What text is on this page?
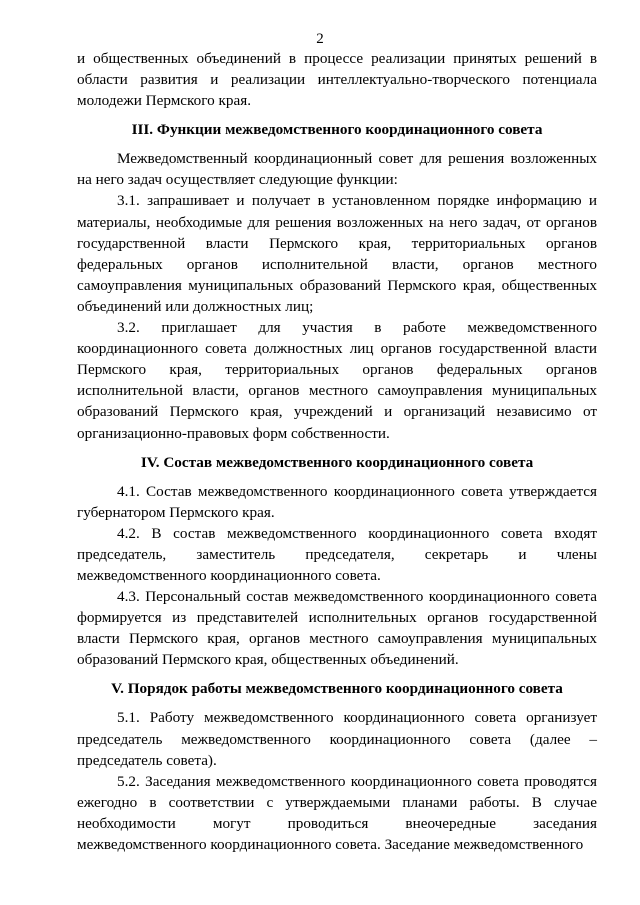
2

и общественных объединений в процессе реализации принятых решений в области развития и реализации интеллектуально-творческого потенциала молодежи Пермского края.

III. Функции межведомственного координационного совета

Межведомственный координационный совет для решения возложенных на него задач осуществляет следующие функции:

3.1. запрашивает и получает в установленном порядке информацию и материалы, необходимые для решения возложенных на него задач, от органов государственной власти Пермского края, территориальных органов федеральных органов исполнительной власти, органов местного самоуправления муниципальных образований Пермского края, общественных объединений или должностных лиц;

3.2. приглашает для участия в работе межведомственного координационного совета должностных лиц органов государственной власти Пермского края, территориальных органов федеральных органов исполнительной власти, органов местного самоуправления муниципальных образований Пермского края, учреждений и организаций независимо от организационно-правовых форм собственности.

IV. Состав межведомственного координационного совета

4.1. Состав межведомственного координационного совета утверждается губернатором Пермского края.

4.2. В состав межведомственного координационного совета входят председатель, заместитель председателя, секретарь и члены межведомственного координационного совета.

4.3. Персональный состав межведомственного координационного совета формируется из представителей исполнительных органов государственной власти Пермского края, органов местного самоуправления муниципальных образований Пермского края, общественных объединений.

V. Порядок работы межведомственного координационного совета

5.1. Работу межведомственного координационного совета организует председатель межведомственного координационного совета (далее – председатель совета).

5.2. Заседания межведомственного координационного совета проводятся ежегодно в соответствии с утверждаемыми планами работы. В случае необходимости могут проводиться внеочередные заседания межведомственного координационного совета. Заседание межведомственного
